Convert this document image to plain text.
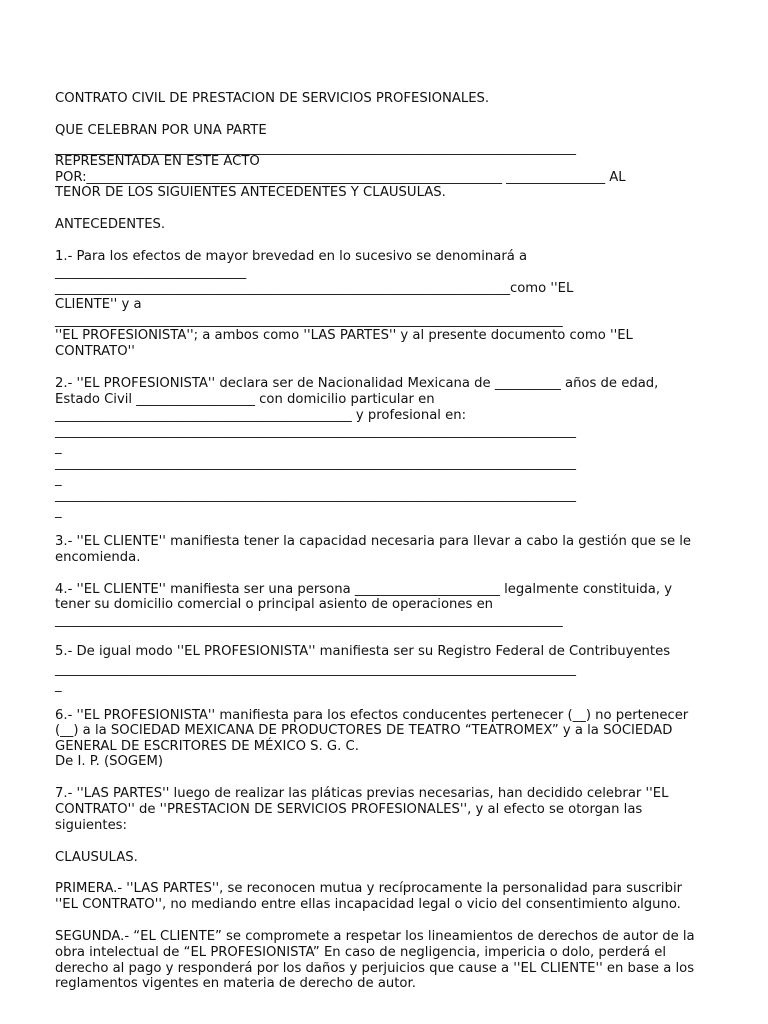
CONTRATO CIVIL DE PRESTACION DE SERVICIOS PROFESIONALES.
QUE CELEBRAN POR UNA PARTE
_______________________________________________________________________________
REPRESENTADA EN ESTE ACTO
POR:_______________________________________________________________ _______________ AL
TENOR DE LOS SIGUIENTES ANTECEDENTES Y CLAUSULAS.
ANTECEDENTES.
1.- Para los efectos de mayor brevedad en lo sucesivo se denominará a
_____________________________
_____________________________________________________________________como ''EL
CLIENTE'' y a
_____________________________________________________________________________
''EL PROFESIONISTA''; a ambos como ''LAS PARTES'' y al presente documento como ''EL
CONTRATO''
2.- ''EL PROFESIONISTA'' declara ser de Nacionalidad Mexicana de __________ años de edad,
Estado Civil __________________ con domicilio particular en
_____________________________________________ y profesional en:
_______________________________________________________________________________
_
_______________________________________________________________________________
_
_______________________________________________________________________________
_
3.- ''EL CLIENTE'' manifiesta tener la capacidad necesaria para llevar a cabo la gestión que se le
encomienda.
4.- ''EL CLIENTE'' manifiesta ser una persona ______________________ legalmente constituida, y
tener su domicilio comercial o principal asiento de operaciones en
_____________________________________________________________________________
5.- De igual modo ''EL PROFESIONISTA'' manifiesta ser su Registro Federal de Contribuyentes
_______________________________________________________________________________
_
6.- ''EL PROFESIONISTA'' manifiesta para los efectos conducentes pertenecer (__) no pertenecer
(__) a la SOCIEDAD MEXICANA DE PRODUCTORES DE TEATRO “TEATROMEX” y a la SOCIEDAD
GENERAL DE ESCRITORES DE MÉXICO S. G. C.
De I. P. (SOGEM)
7.- ''LAS PARTES'' luego de realizar las pláticas previas necesarias, han decidido celebrar ''EL
CONTRATO'' de ''PRESTACION DE SERVICIOS PROFESIONALES'', y al efecto se otorgan las
siguientes:
CLAUSULAS.
PRIMERA.- ''LAS PARTES'', se reconocen mutua y recíprocamente la personalidad para suscribir
''EL CONTRATO'', no mediando entre ellas incapacidad legal o vicio del consentimiento alguno.
SEGUNDA.- “EL CLIENTE” se compromete a respetar los lineamientos de derechos de autor de la
obra intelectual de “EL PROFESIONISTA” En caso de negligencia, impericia o dolo, perderá el
derecho al pago y responderá por los daños y perjuicios que cause a ''EL CLIENTE'' en base a los
reglamentos vigentes en materia de derecho de autor.
